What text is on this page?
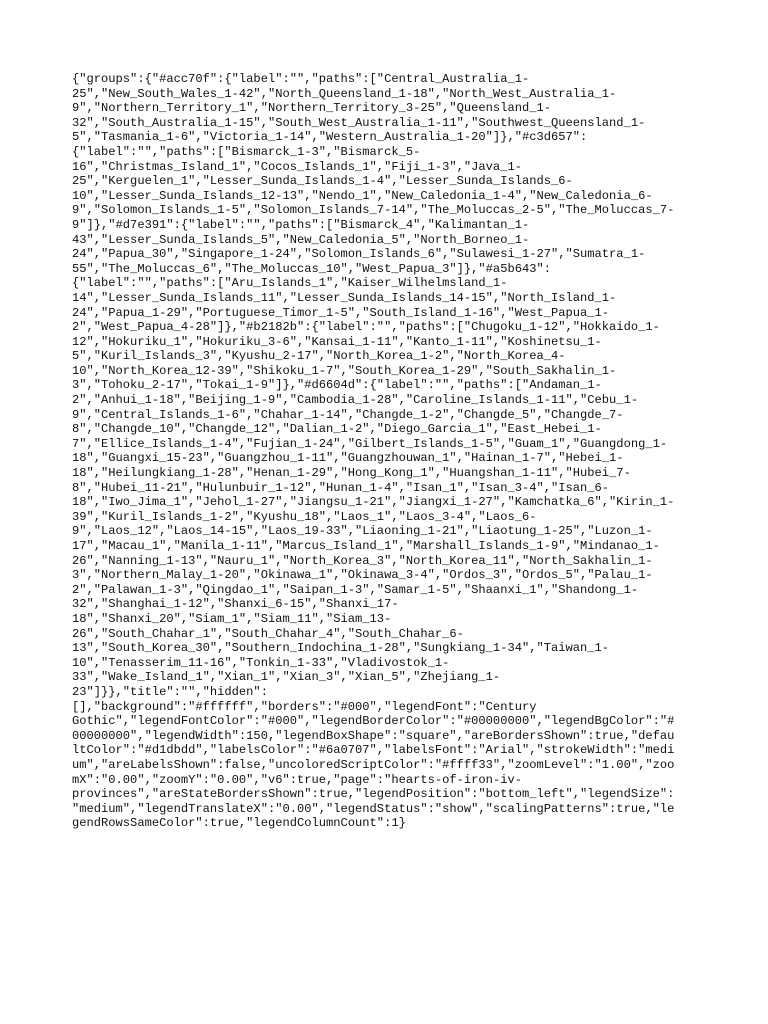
{"groups":{"#acc70f":{"label":"","paths":["Central_Australia_1-
25","New_South_Wales_1-42","North_Queensland_1-18","North_West_Australia_1-
9","Northern_Territory_1","Northern_Territory_3-25","Queensland_1-
32","South_Australia_1-15","South_West_Australia_1-11","Southwest_Queensland_1-
5","Tasmania_1-6","Victoria_1-14","Western_Australia_1-20"]},"#c3d657":
{"label":"","paths":["Bismarck_1-3","Bismarck_5-
16","Christmas_Island_1","Cocos_Islands_1","Fiji_1-3","Java_1-
25","Kerguelen_1","Lesser_Sunda_Islands_1-4","Lesser_Sunda_Islands_6-
10","Lesser_Sunda_Islands_12-13","Nendo_1","New_Caledonia_1-4","New_Caledonia_6-
9","Solomon_Islands_1-5","Solomon_Islands_7-14","The_Moluccas_2-5","The_Moluccas_7-
9"]},"#d7e391":{"label":"","paths":["Bismarck_4","Kalimantan_1-
43","Lesser_Sunda_Islands_5","New_Caledonia_5","North_Borneo_1-
24","Papua_30","Singapore_1-24","Solomon_Islands_6","Sulawesi_1-27","Sumatra_1-
55","The_Moluccas_6","The_Moluccas_10","West_Papua_3"]},"#a5b643":
{"label":"","paths":["Aru_Islands_1","Kaiser_Wilhelmsland_1-
14","Lesser_Sunda_Islands_11","Lesser_Sunda_Islands_14-15","North_Island_1-
24","Papua_1-29","Portuguese_Timor_1-5","South_Island_1-16","West_Papua_1-
2","West_Papua_4-28"]},"#b2182b":{"label":"","paths":["Chugoku_1-12","Hokkaido_1-
12","Hokuriku_1","Hokuriku_3-6","Kansai_1-11","Kanto_1-11","Koshinetsu_1-
5","Kuril_Islands_3","Kyushu_2-17","North_Korea_1-2","North_Korea_4-
10","North_Korea_12-39","Shikoku_1-7","South_Korea_1-29","South_Sakhalin_1-
3","Tohoku_2-17","Tokai_1-9"]},"#d6604d":{"label":"","paths":["Andaman_1-
2","Anhui_1-18","Beijing_1-9","Cambodia_1-28","Caroline_Islands_1-11","Cebu_1-
9","Central_Islands_1-6","Chahar_1-14","Changde_1-2","Changde_5","Changde_7-
8","Changde_10","Changde_12","Dalian_1-2","Diego_Garcia_1","East_Hebei_1-
7","Ellice_Islands_1-4","Fujian_1-24","Gilbert_Islands_1-5","Guam_1","Guangdong_1-
18","Guangxi_15-23","Guangzhou_1-11","Guangzhouwan_1","Hainan_1-7","Hebei_1-
18","Heilungkiang_1-28","Henan_1-29","Hong_Kong_1","Huangshan_1-11","Hubei_7-
8","Hubei_11-21","Hulunbuir_1-12","Hunan_1-4","Isan_1","Isan_3-4","Isan_6-
18","Iwo_Jima_1","Jehol_1-27","Jiangsu_1-21","Jiangxi_1-27","Kamchatka_6","Kirin_1-
39","Kuril_Islands_1-2","Kyushu_18","Laos_1","Laos_3-4","Laos_6-
9","Laos_12","Laos_14-15","Laos_19-33","Liaoning_1-21","Liaotung_1-25","Luzon_1-
17","Macau_1","Manila_1-11","Marcus_Island_1","Marshall_Islands_1-9","Mindanao_1-
26","Nanning_1-13","Nauru_1","North_Korea_3","North_Korea_11","North_Sakhalin_1-
3","Northern_Malay_1-20","Okinawa_1","Okinawa_3-4","Ordos_3","Ordos_5","Palau_1-
2","Palawan_1-3","Qingdao_1","Saipan_1-3","Samar_1-5","Shaanxi_1","Shandong_1-
32","Shanghai_1-12","Shanxi_6-15","Shanxi_17-
18","Shanxi_20","Siam_1","Siam_11","Siam_13-
26","South_Chahar_1","South_Chahar_4","South_Chahar_6-
13","South_Korea_30","Southern_Indochina_1-28","Sungkiang_1-34","Taiwan_1-
10","Tenasserim_11-16","Tonkin_1-33","Vladivostok_1-
33","Wake_Island_1","Xian_1","Xian_3","Xian_5","Zhejiang_1-
23"]}},"title":"","hidden":
[],"background":"#ffffff","borders":"#000","legendFont":"Century
Gothic","legendFontColor":"#000","legendBorderColor":"#00000000","legendBgColor":"#
00000000","legendWidth":150,"legendBoxShape":"square","areBordersShown":true,"defau
ltColor":"#d1dbdd","labelsColor":"#6a0707","labelsFont":"Arial","strokeWidth":"medi
um","areLabelsShown":false,"uncoloredScriptColor":"#ffff33","zoomLevel":"1.00","zoo
mX":"0.00","zoomY":"0.00","v6":true,"page":"hearts-of-iron-iv-
provinces","areStateBordersShown":true,"legendPosition":"bottom_left","legendSize":
"medium","legendTranslateX":"0.00","legendStatus":"show","scalingPatterns":true,"le
gendRowsSameColor":true,"legendColumnCount":1}
